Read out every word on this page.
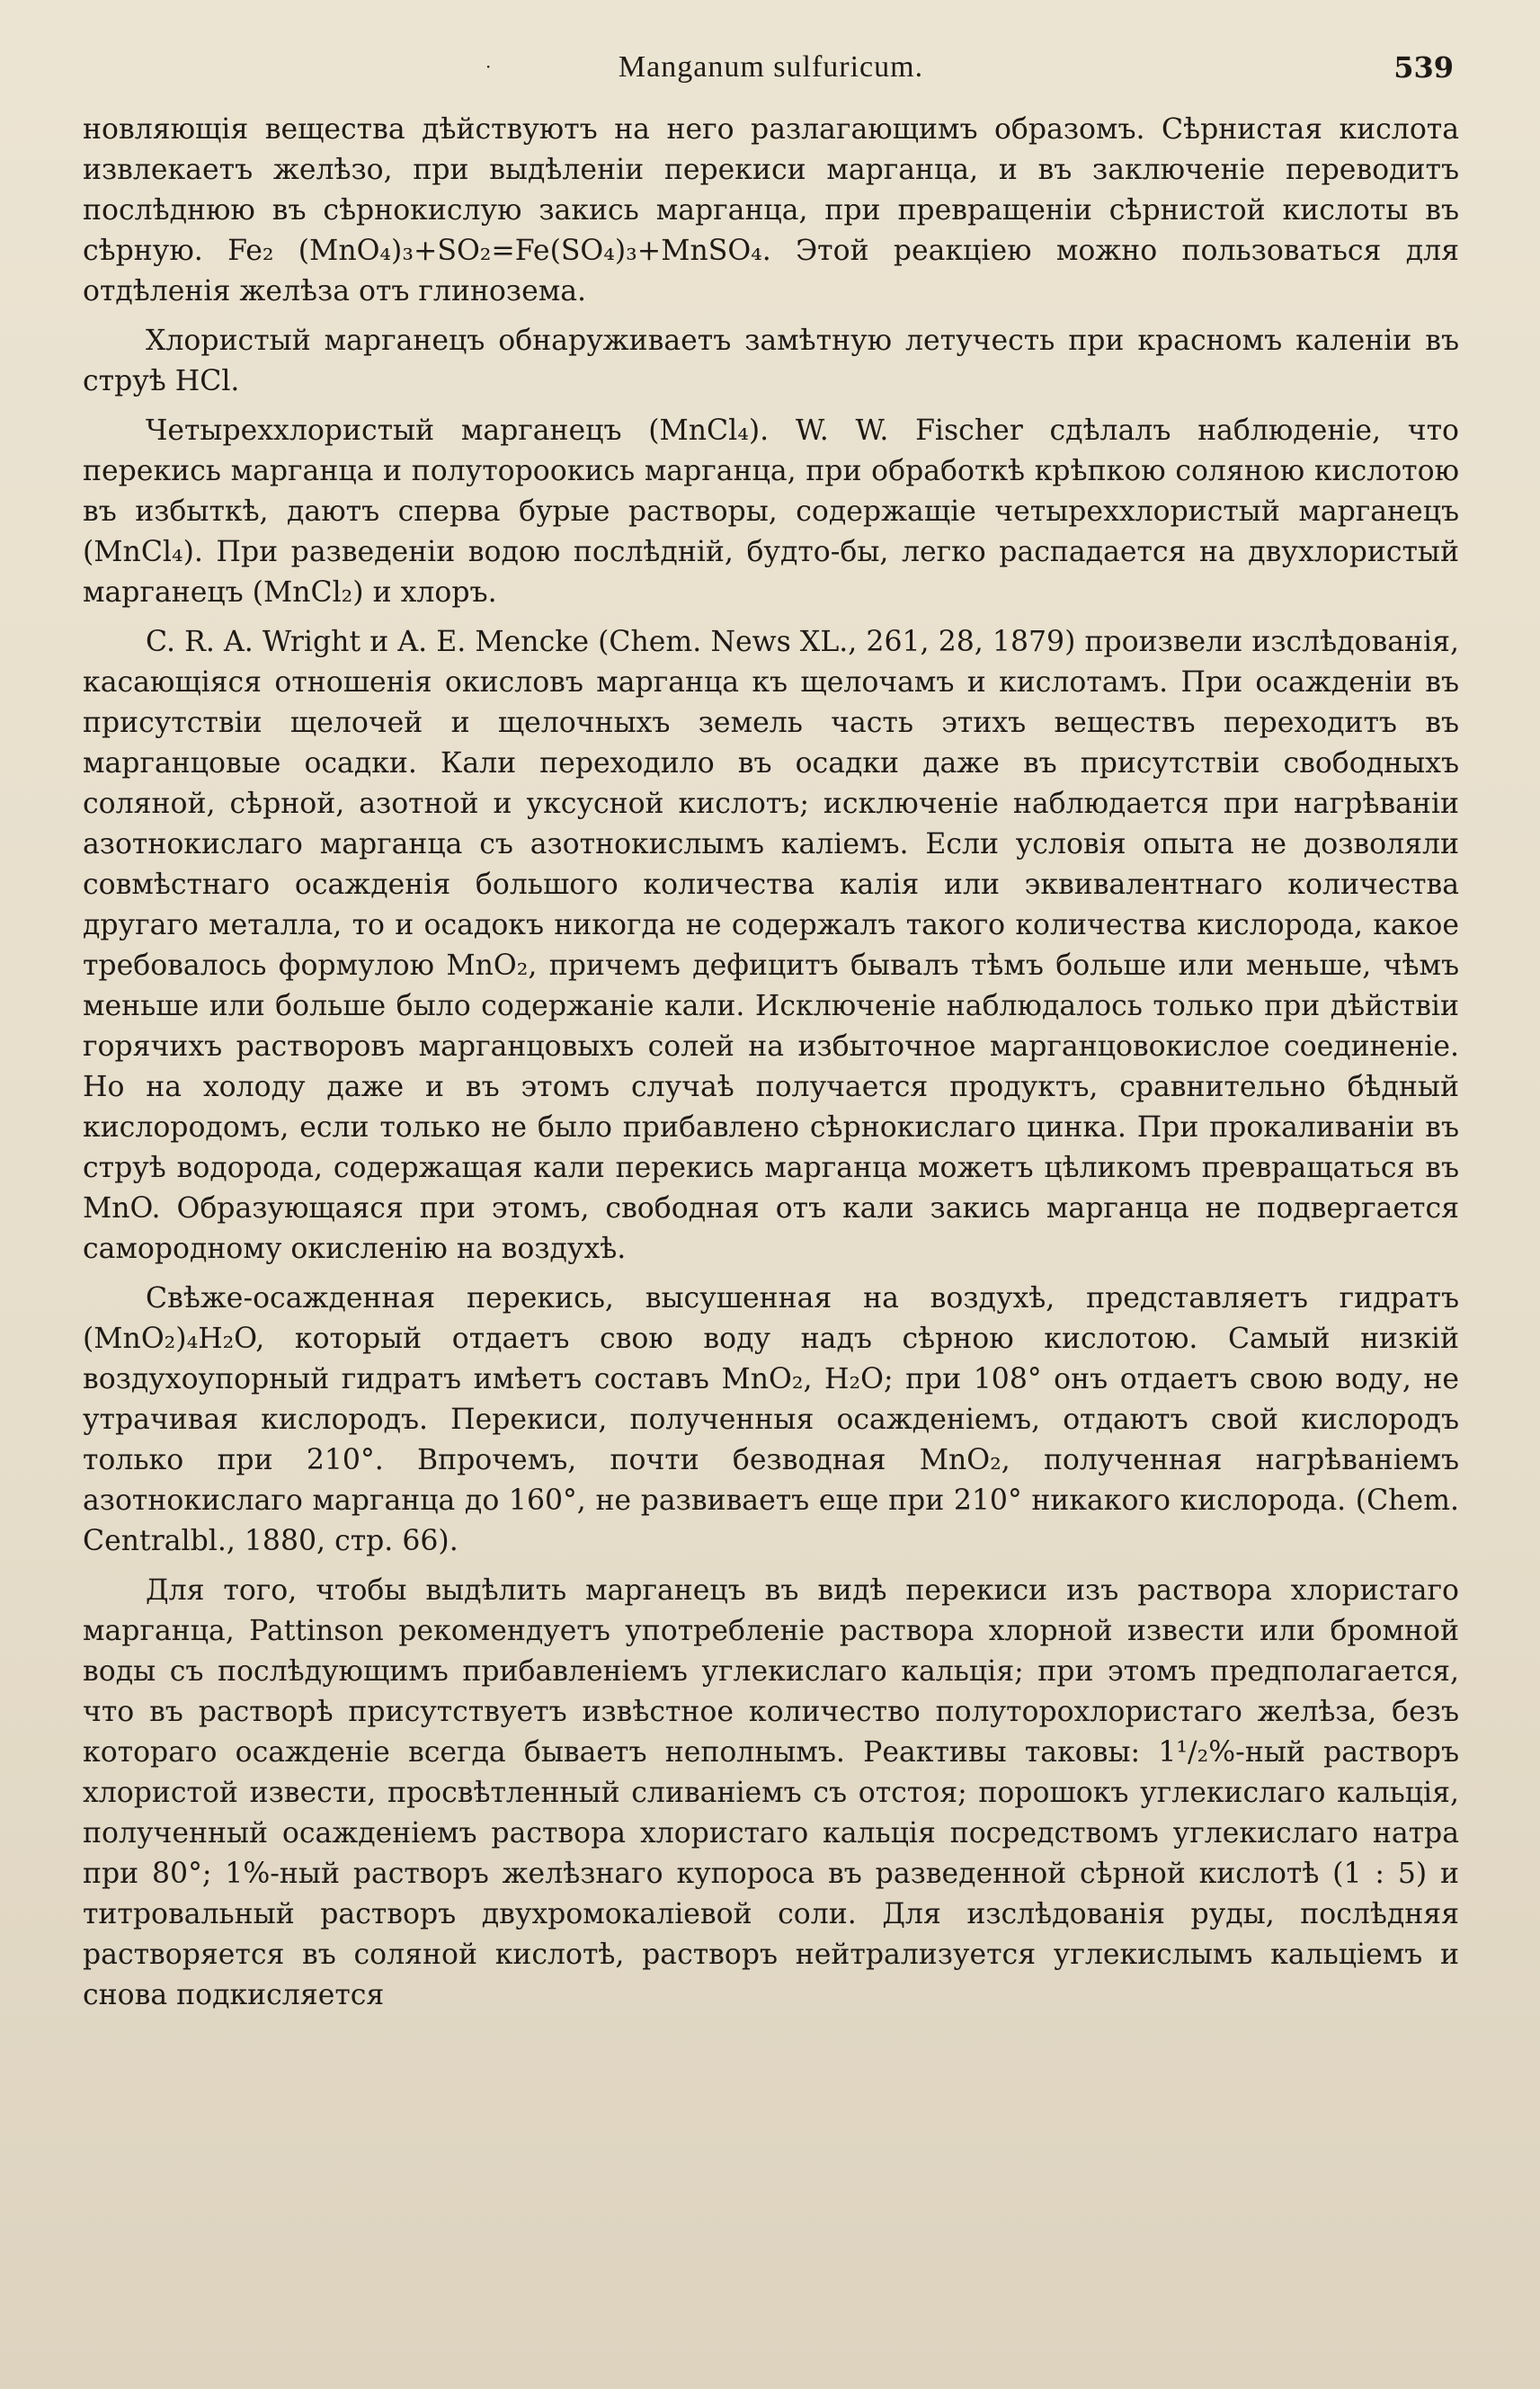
·	Manganum sulfuricum.	539

новляющія вещества дѣйствуютъ на него разлагающимъ образомъ. Сѣрнистая кислота извлекаетъ желѣзо, при выдѣленіи перекиси марганца, и въ заключеніе переводитъ послѣднюю въ сѣрнокислую закись марганца, при превращеніи сѣрнистой кислоты въ сѣрную. Fe₂ (MnO₄)₃+SO₂=Fe(SO₄)₃+MnSO₄. Этой реакціею можно пользоваться для отдѣленія желѣза отъ глинозема.

Хлористый марганецъ обнаруживаетъ замѣтную летучесть при красномъ каленіи въ струѣ HCl.

Четыреххлористый марганецъ (MnCl₄). W. W. Fischer сдѣлалъ наблюденіе, что перекись марганца и полутороокись марганца, при обработкѣ крѣпкою соляною кислотою въ избыткѣ, даютъ сперва бурые растворы, содержащіе четыреххлористый марганецъ (MnCl₄). При разведеніи водою послѣдній, будто-бы, легко распадается на двухлористый марганецъ (MnCl₂) и хлоръ.

C. R. A. Wright и A. E. Mencke (Chem. News XL., 261, 28, 1879) произвели изслѣдованія, касающіяся отношенія окисловъ марганца къ щелочамъ и кислотамъ. При осажденіи въ присутствіи щелочей и щелочныхъ земель часть этихъ веществъ переходитъ въ марганцовые осадки. Кали переходило въ осадки даже въ присутствіи свободныхъ соляной, сѣрной, азотной и уксусной кислотъ; исключеніе наблюдается при нагрѣваніи азотнокислаго марганца съ азотнокислымъ каліемъ. Если условія опыта не дозволяли совмѣстнаго осажденія большого количества калія или эквивалентнаго количества другаго металла, то и осадокъ никогда не содержалъ такого количества кислорода, какое требовалось формулою MnO₂, причемъ дефицитъ бывалъ тѣмъ больше или меньше, чѣмъ меньше или больше было содержаніе кали. Исключеніе наблюдалось только при дѣйствіи горячихъ растворовъ марганцовыхъ солей на избыточное марганцовокислое соединеніе. Но на холоду даже и въ этомъ случаѣ получается продуктъ, сравнительно бѣдный кислородомъ, если только не было прибавлено сѣрнокислаго цинка. При прокаливаніи въ струѣ водорода, содержащая кали перекись марганца можетъ цѣликомъ превращаться въ MnO. Образующаяся при этомъ, свободная отъ кали закись марганца не подвергается самородному окисленію на воздухѣ.

Свѣже-осажденная перекись, высушенная на воздухѣ, представляетъ гидратъ (MnO₂)₄H₂O, который отдаетъ свою воду надъ сѣрною кислотою. Самый низкій воздухоупорный гидратъ имѣетъ составъ MnO₂, H₂O; при 108° онъ отдаетъ свою воду, не утрачивая кислородъ. Перекиси, полученныя осажденіемъ, отдаютъ свой кислородъ только при 210°. Впрочемъ, почти безводная MnO₂, полученная нагрѣваніемъ азотнокислаго марганца до 160°, не развиваетъ еще при 210° никакого кислорода. (Chem. Centralbl., 1880, стр. 66).

Для того, чтобы выдѣлить марганецъ въ видѣ перекиси изъ раствора хлористаго марганца, Pattinson рекомендуетъ употребленіе раствора хлорной извести или бромной воды съ послѣдующимъ прибавленіемъ углекислаго кальція; при этомъ предполагается, что въ растворѣ присутствуетъ извѣстное количество полуторохлористаго желѣза, безъ котораго осажденіе всегда бываетъ неполнымъ. Реактивы таковы: 1¹/₂%-ный растворъ хлористой извести, просвѣтленный сливаніемъ съ отстоя; порошокъ углекислаго кальція, полученный осажденіемъ раствора хлористаго кальція посредствомъ углекислаго натра при 80°; 1%-ный растворъ желѣзнаго купороса въ разведенной сѣрной кислотѣ (1 : 5) и титровальный растворъ двухромокаліевой соли. Для изслѣдованія руды, послѣдняя растворяется въ соляной кислотѣ, растворъ нейтрализуется углекислымъ кальціемъ и снова подкисляется
